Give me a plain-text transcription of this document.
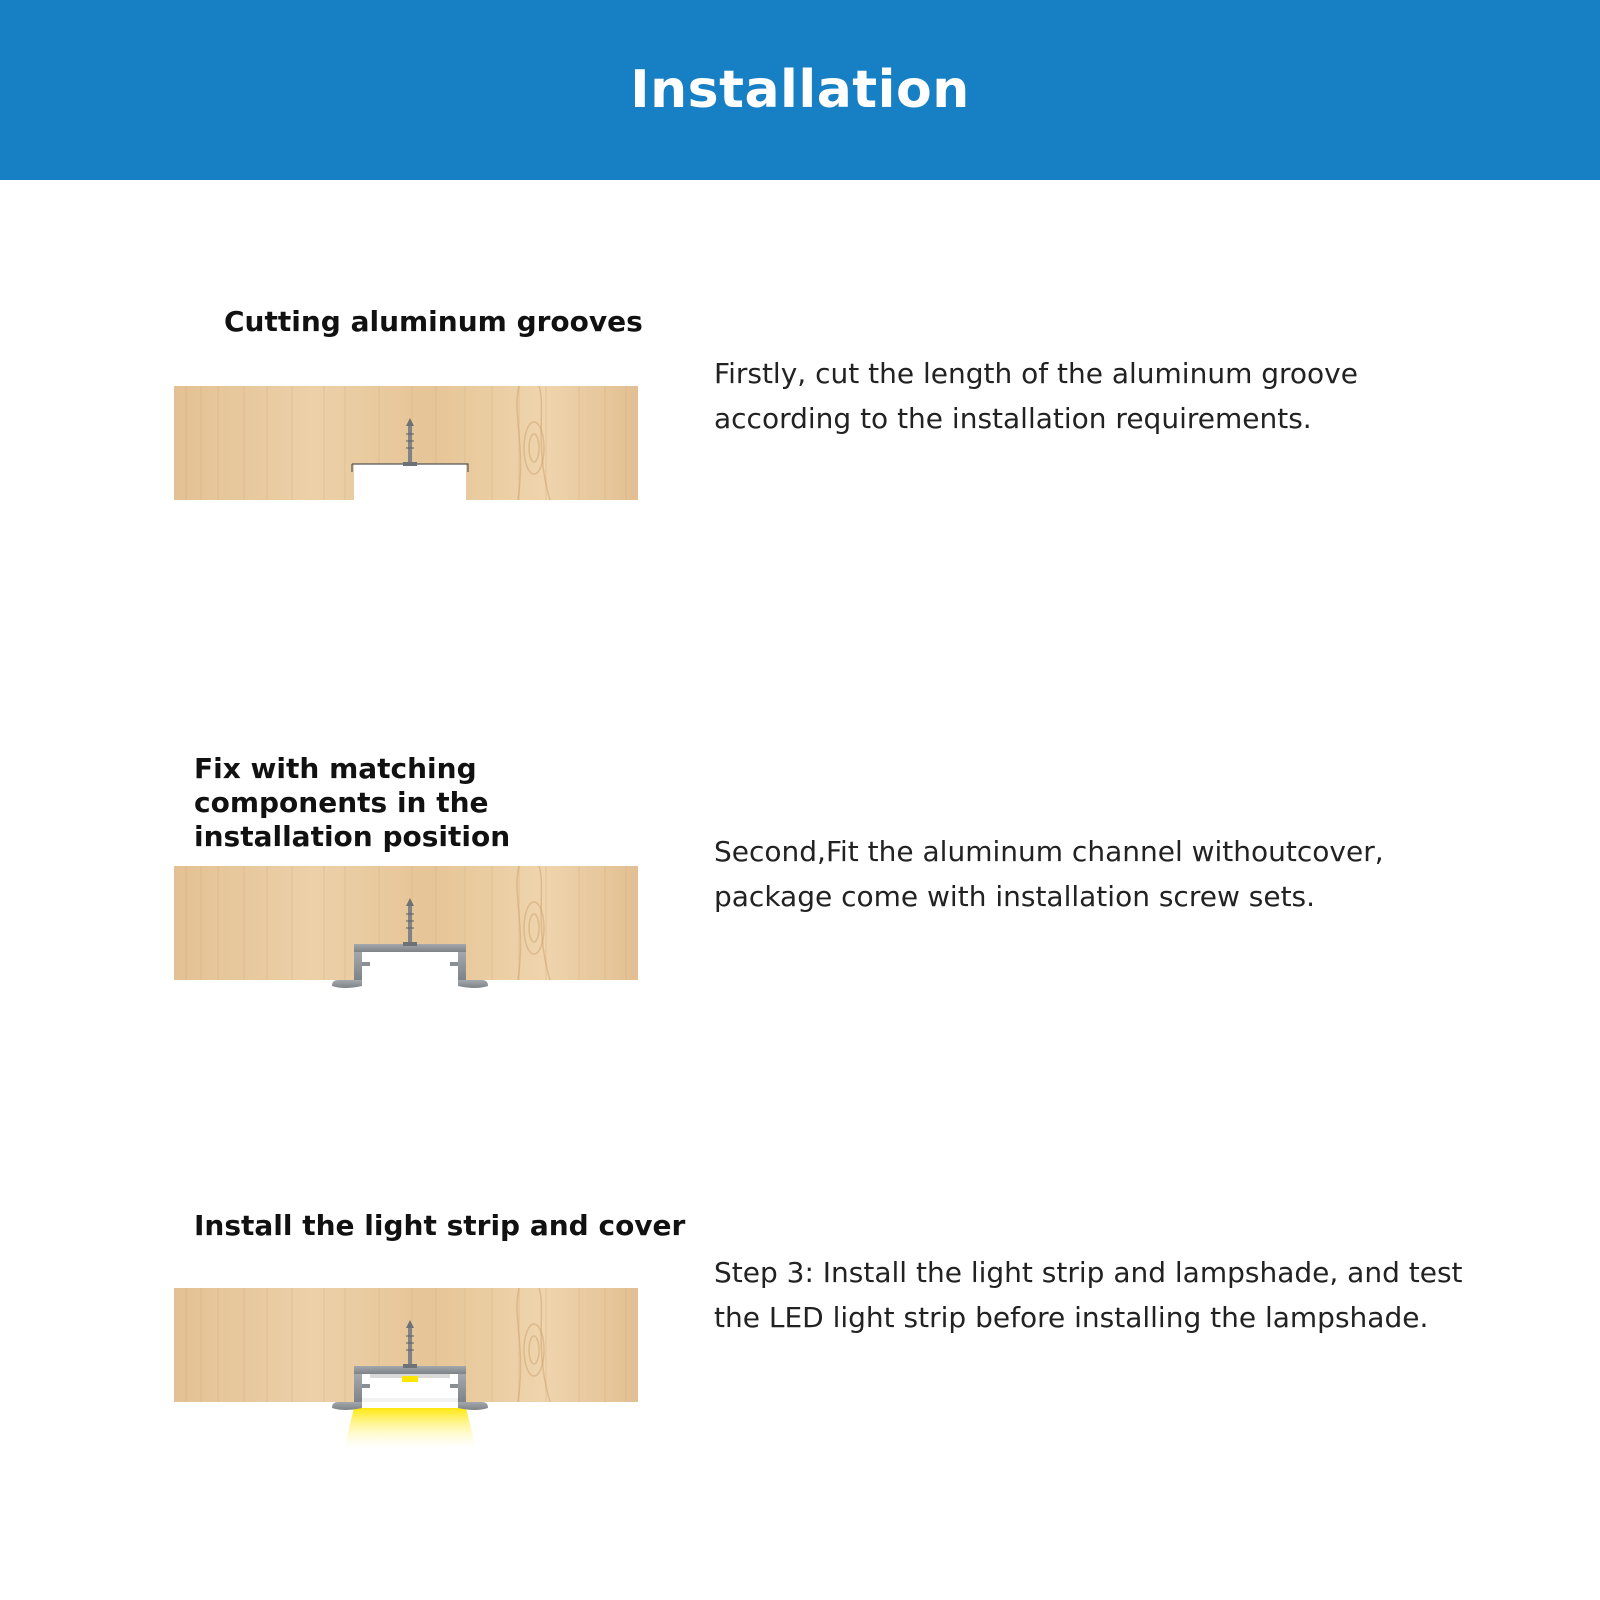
Installation
Cutting aluminum grooves

Firstly, cut the length of the aluminum groove according to the installation requirements.

Fix with matching components in the installation position	Second,Fit the aluminum channel withoutcover, package come with installation screw sets.

Install the light strip and cover

Step 3: Install the light strip and lampshade, and test the LED light strip before installing the lampshade.
